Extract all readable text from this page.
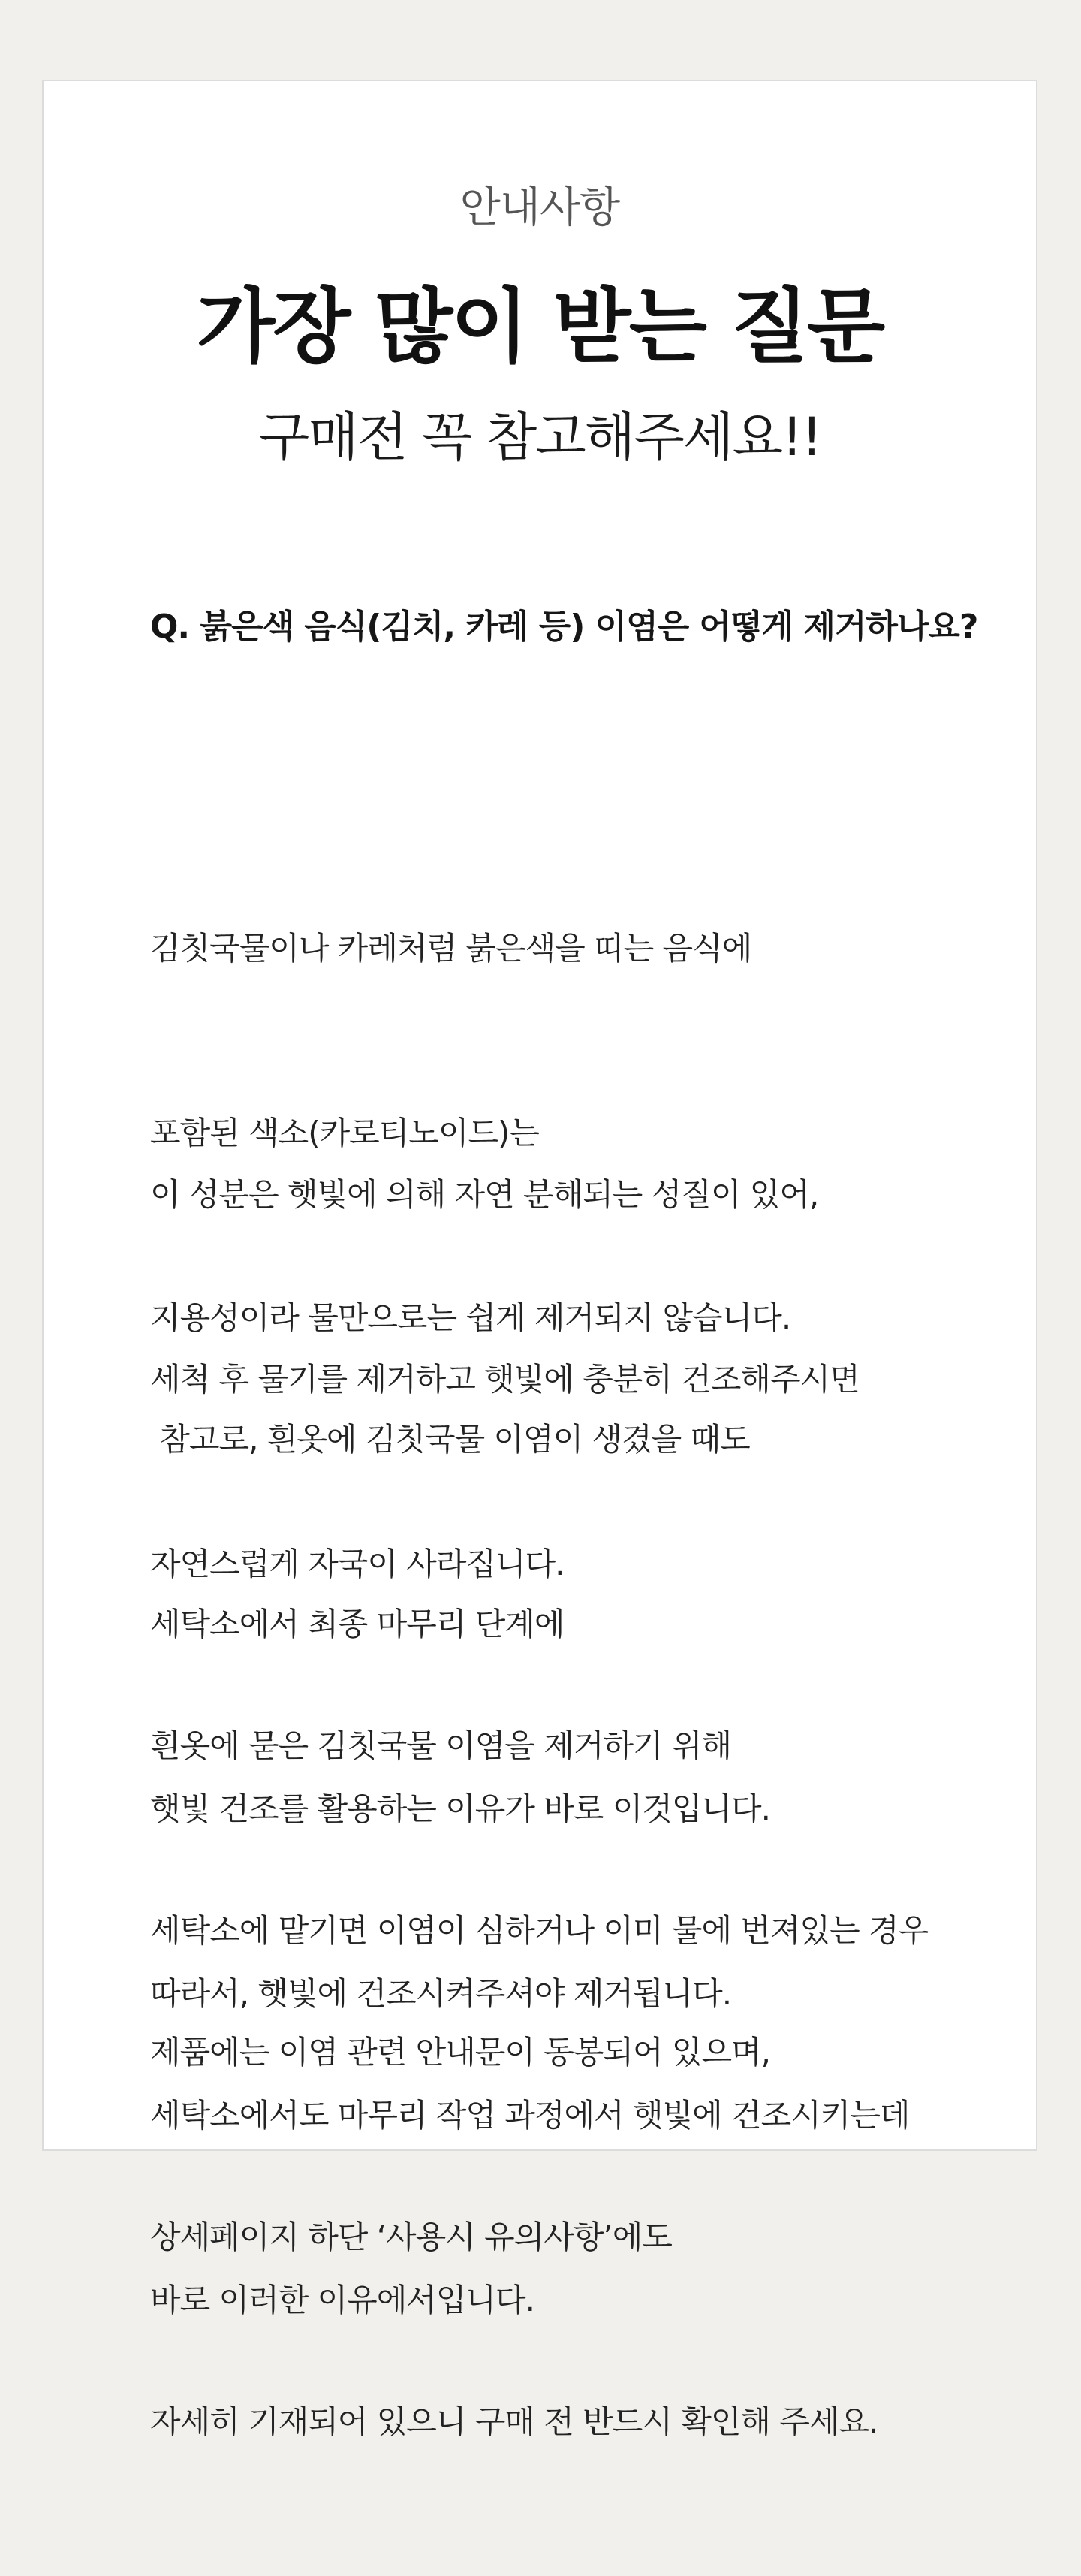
안내사항
가장 많이 받는 질문
구매전 꼭 참고해주세요!!
Q. 붉은색 음식(김치, 카레 등) 이염은 어떻게 제거하나요?

김칫국물이나 카레처럼 붉은색을 띠는 음식에

포함된 색소(카로티노이드)는

지용성이라 물만으로는 쉽게 제거되지 않습니다.

이 성분은 햇빛에 의해 자연 분해되는 성질이 있어,

세척 후 물기를 제거하고 햇빛에 충분히 건조해주시면

자연스럽게 자국이 사라집니다.

참고로, 흰옷에 김칫국물 이염이 생겼을 때도

세탁소에서 최종 마무리 단계에

햇빛 건조를 활용하는 이유가 바로 이것입니다.

따라서, 햇빛에 건조시켜주셔야 제거됩니다.

흰옷에 묻은 김칫국물 이염을 제거하기 위해

세탁소에 맡기면 이염이 심하거나 이미 물에 번져있는 경우

세탁소에서도 마무리 작업 과정에서 햇빛에 건조시키는데

바로 이러한 이유에서입니다.

제품에는 이염 관련 안내문이 동봉되어 있으며,

상세페이지 하단 ‘사용시 유의사항’에도

자세히 기재되어 있으니 구매 전 반드시 확인해 주세요.
